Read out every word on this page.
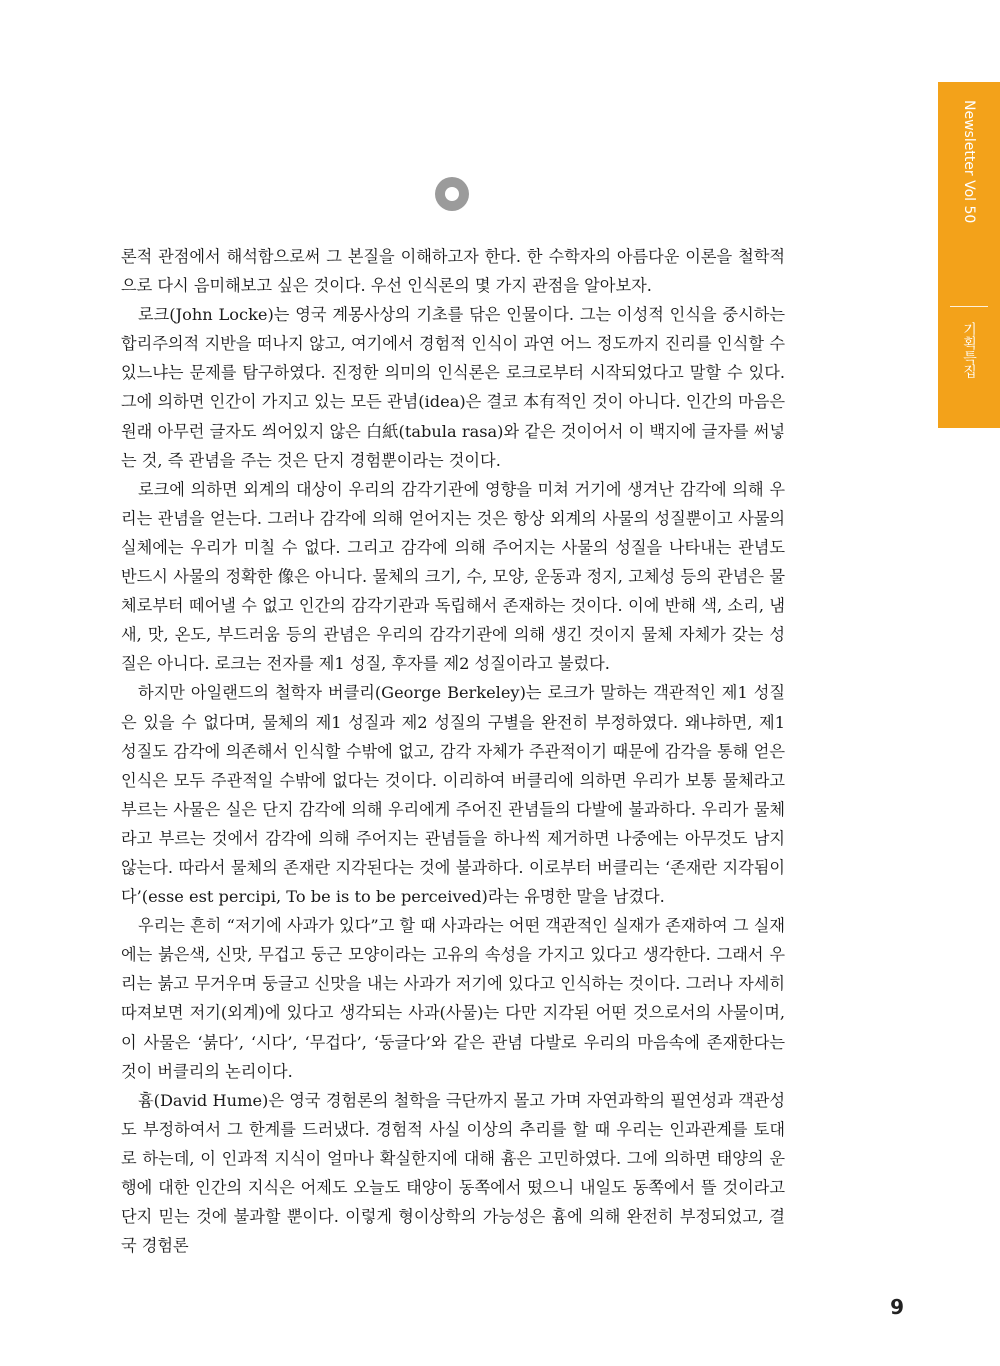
Newsletter Vol 50
기획특집

론적 관점에서 해석함으로써 그 본질을 이해하고자 한다. 한 수학자의 아름다운 이론을 철학적으로 다시 음미해보고 싶은 것이다. 우선 인식론의 몇 가지 관점을 알아보자.

로크(John Locke)는 영국 계몽사상의 기초를 닦은 인물이다. 그는 이성적 인식을 중시하는 합리주의적 지반을 떠나지 않고, 여기에서 경험적 인식이 과연 어느 정도까지 진리를 인식할 수 있느냐는 문제를 탐구하였다. 진정한 의미의 인식론은 로크로부터 시작되었다고 말할 수 있다. 그에 의하면 인간이 가지고 있는 모든 관념(idea)은 결코 本有적인 것이 아니다. 인간의 마음은 원래 아무런 글자도 씌어있지 않은 白紙(tabula rasa)와 같은 것이어서 이 백지에 글자를 써넣는 것, 즉 관념을 주는 것은 단지 경험뿐이라는 것이다.

로크에 의하면 외계의 대상이 우리의 감각기관에 영향을 미쳐 거기에 생겨난 감각에 의해 우리는 관념을 얻는다. 그러나 감각에 의해 얻어지는 것은 항상 외계의 사물의 성질뿐이고 사물의 실체에는 우리가 미칠 수 없다. 그리고 감각에 의해 주어지는 사물의 성질을 나타내는 관념도 반드시 사물의 정확한 像은 아니다. 물체의 크기, 수, 모양, 운동과 정지, 고체성 등의 관념은 물체로부터 떼어낼 수 없고 인간의 감각기관과 독립해서 존재하는 것이다. 이에 반해 색, 소리, 냄새, 맛, 온도, 부드러움 등의 관념은 우리의 감각기관에 의해 생긴 것이지 물체 자체가 갖는 성질은 아니다. 로크는 전자를 제1 성질, 후자를 제2 성질이라고 불렀다.

하지만 아일랜드의 철학자 버클리(George Berkeley)는 로크가 말하는 객관적인 제1 성질은 있을 수 없다며, 물체의 제1 성질과 제2 성질의 구별을 완전히 부정하였다. 왜냐하면, 제1 성질도 감각에 의존해서 인식할 수밖에 없고, 감각 자체가 주관적이기 때문에 감각을 통해 얻은 인식은 모두 주관적일 수밖에 없다는 것이다. 이리하여 버클리에 의하면 우리가 보통 물체라고 부르는 사물은 실은 단지 감각에 의해 우리에게 주어진 관념들의 다발에 불과하다. 우리가 물체라고 부르는 것에서 감각에 의해 주어지는 관념들을 하나씩 제거하면 나중에는 아무것도 남지 않는다. 따라서 물체의 존재란 지각된다는 것에 불과하다. 이로부터 버클리는 ‘존재란 지각됨이다’(esse est percipi, To be is to be perceived)라는 유명한 말을 남겼다.

우리는 흔히 “저기에 사과가 있다”고 할 때 사과라는 어떤 객관적인 실재가 존재하여 그 실재에는 붉은색, 신맛, 무겁고 둥근 모양이라는 고유의 속성을 가지고 있다고 생각한다. 그래서 우리는 붉고 무거우며 둥글고 신맛을 내는 사과가 저기에 있다고 인식하는 것이다. 그러나 자세히 따져보면 저기(외계)에 있다고 생각되는 사과(사물)는 다만 지각된 어떤 것으로서의 사물이며, 이 사물은 ‘붉다’, ‘시다’, ‘무겁다’, ‘둥글다’와 같은 관념 다발로 우리의 마음속에 존재한다는 것이 버클리의 논리이다.

흄(David Hume)은 영국 경험론의 철학을 극단까지 몰고 가며 자연과학의 필연성과 객관성도 부정하여서 그 한계를 드러냈다. 경험적 사실 이상의 추리를 할 때 우리는 인과관계를 토대로 하는데, 이 인과적 지식이 얼마나 확실한지에 대해 흄은 고민하였다. 그에 의하면 태양의 운행에 대한 인간의 지식은 어제도 오늘도 태양이 동쪽에서 떴으니 내일도 동쪽에서 뜰 것이라고 단지 믿는 것에 불과할 뿐이다. 이렇게 형이상학의 가능성은 흄에 의해 완전히 부정되었고, 결국 경험론

9
